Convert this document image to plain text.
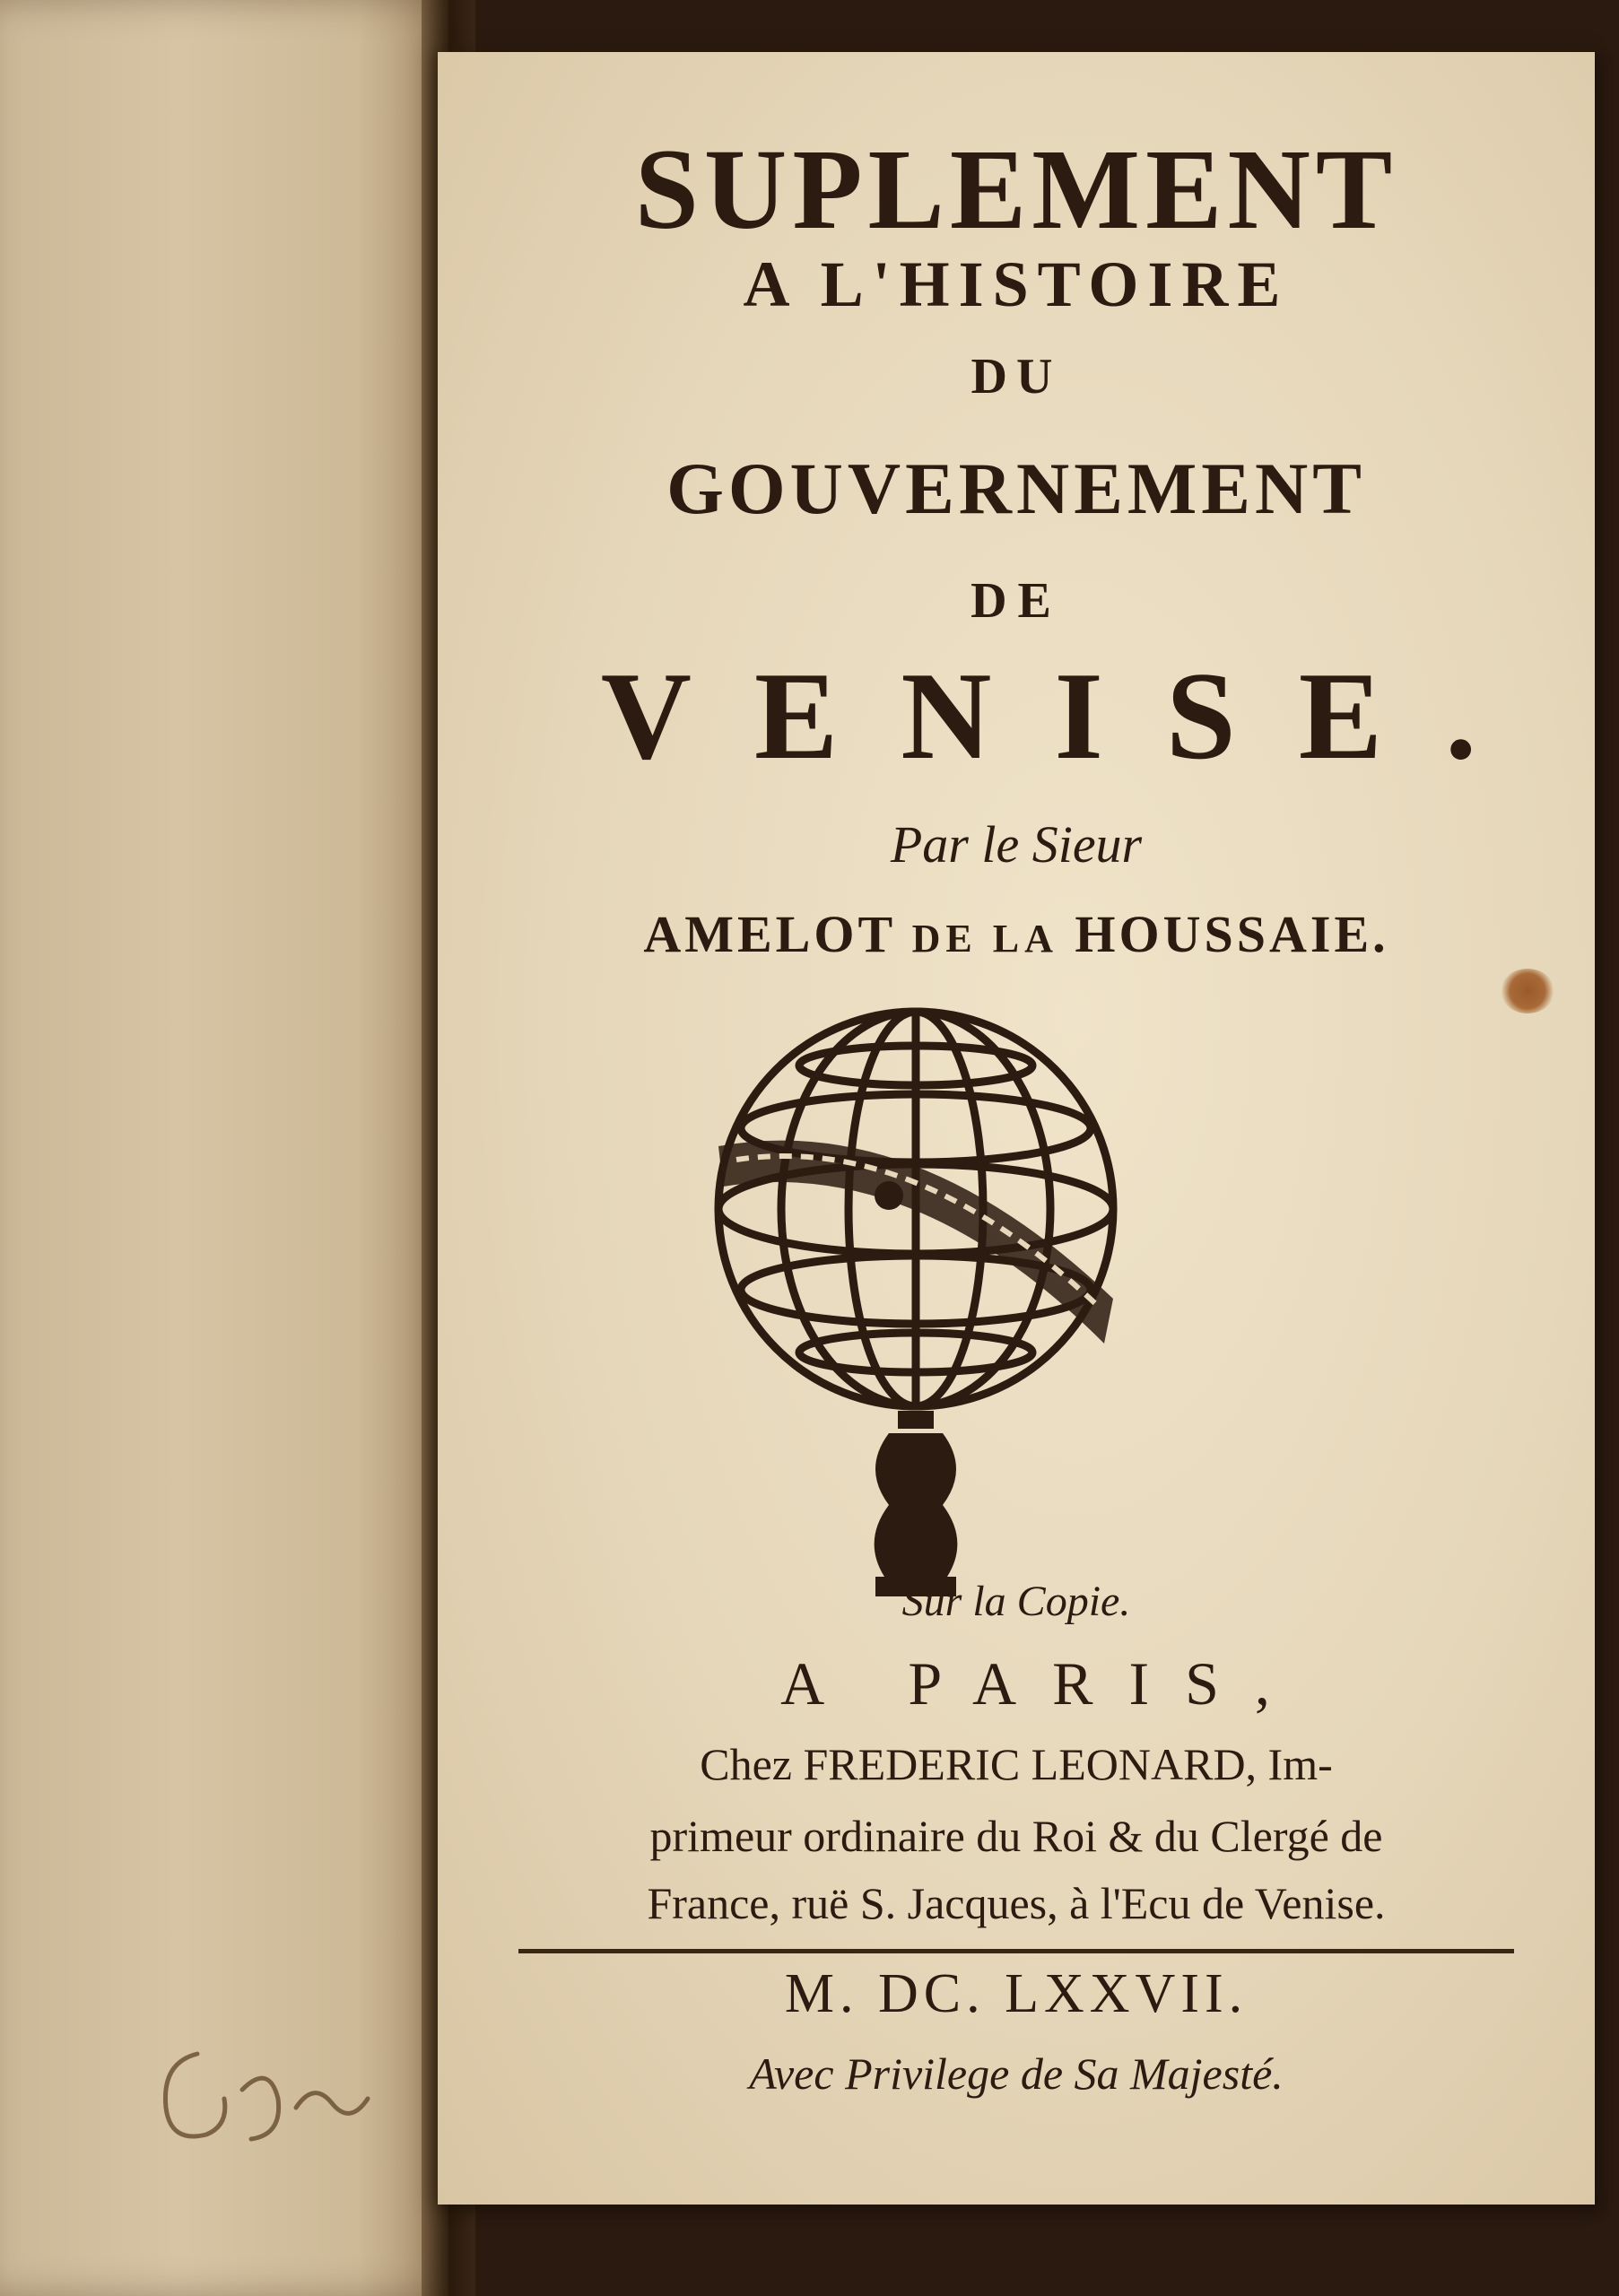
SUPLEMENT
A L'HISTOIRE
DU
GOUVERNEMENT
DE
VENISE.
Par le Sieur
AMELOT DE LA HOUSSAIE.
Sur la Copie.
A PARIS,
Chez FREDERIC LEONARD, Im-
primeur ordinaire du Roi & du Clergé de
France, ruë S. Jacques, à l'Ecu de Venise.
M. DC. LXXVII.
Avec Privilege de Sa Majesté.
